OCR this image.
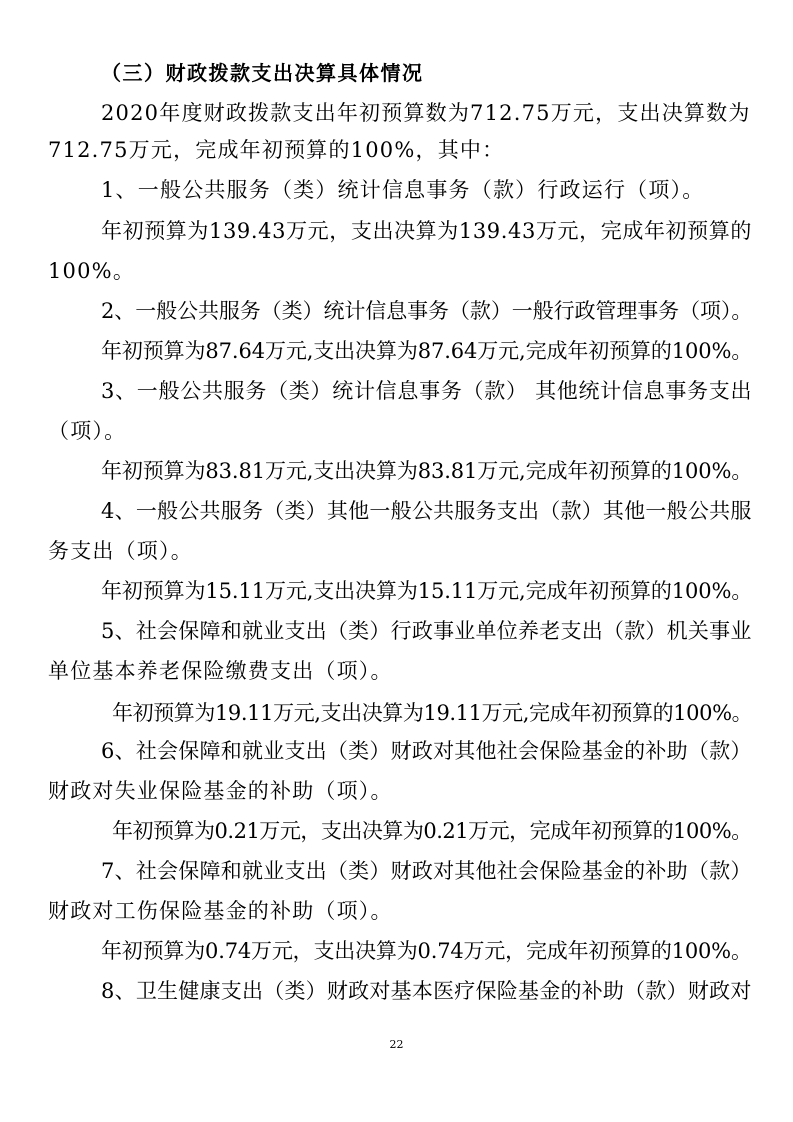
（三）财政拨款支出决算具体情况
2020年度财政拨款支出年初预算数为712.75万元，支出决算数为
712.75万元，完成年初预算的100%，其中：
1、一般公共服务（类）统计信息事务（款）行政运行（项）。
年初预算为139.43万元，支出决算为139.43万元，完成年初预算的
100%。
2、一般公共服务（类）统计信息事务（款）一般行政管理事务（项）。
年初预算为87.64万元,支出决算为87.64万元,完成年初预算的100%。
3、一般公共服务（类）统计信息事务（款） 其他统计信息事务支出
（项）。
年初预算为83.81万元,支出决算为83.81万元,完成年初预算的100%。
4、一般公共服务（类）其他一般公共服务支出（款）其他一般公共服
务支出（项）。
年初预算为15.11万元,支出决算为15.11万元,完成年初预算的100%。
5、社会保障和就业支出（类）行政事业单位养老支出（款）机关事业
单位基本养老保险缴费支出（项）。
年初预算为19.11万元,支出决算为19.11万元,完成年初预算的100%。
6、社会保障和就业支出（类）财政对其他社会保险基金的补助（款）
财政对失业保险基金的补助（项）。
年初预算为0.21万元，支出决算为0.21万元，完成年初预算的100%。
7、社会保障和就业支出（类）财政对其他社会保险基金的补助（款）
财政对工伤保险基金的补助（项）。
年初预算为0.74万元，支出决算为0.74万元，完成年初预算的100%。
8、卫生健康支出（类）财政对基本医疗保险基金的补助（款）财政对
22
